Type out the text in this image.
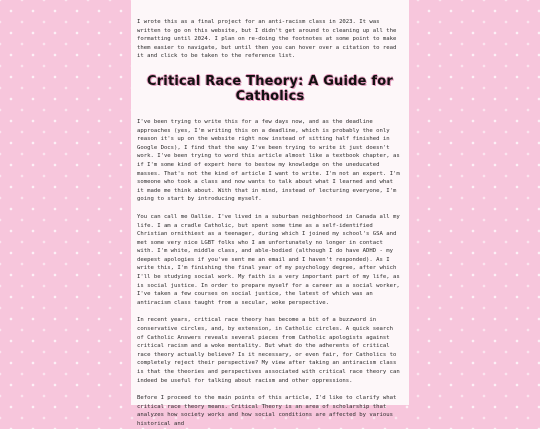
I wrote this as a final project for an anti-racism class in 2023. It was written to go on this website, but I didn't get around to cleaning up all the formatting until 2024. I plan on re-doing the footnotes at some point to make them easier to navigate, but until then you can hover over a citation to read it and click to be taken to the reference list.

Critical Race Theory: A Guide for Catholics

I've been trying to write this for a few days now, and as the deadline approaches (yes, I'm writing this on a deadline, which is probably the only reason it's up on the website right now instead of sitting half finished in Google Docs), I find that the way I've been trying to write it just doesn't work. I've been trying to word this article almost like a textbook chapter, as if I'm some kind of expert here to bestow my knowledge on the uneducated masses. That's not the kind of article I want to write. I'm not an expert. I'm someone who took a class and now wants to talk about what I learned and what it made me think about. With that in mind, instead of lecturing everyone, I'm going to start by introducing myself.

You can call me Oallie. I've lived in a suburban neighborhood in Canada all my life. I am a cradle Catholic, but spent some time as a self-identified Christian ornithiest as a teenager, during which I joined my school's GSA and met some very nice LGBT folks who I am unfortunately no longer in contact with. I'm white, middle class, and able-bodied (although I do have ADHD - my deepest apologies if you've sent me an email and I haven't responded). As I write this, I'm finishing the final year of my psychology degree, after which I'll be studying social work. My faith is a very important part of my life, as is social justice. In order to prepare myself for a career as a social worker, I've taken a few courses on social justice, the latest of which was an antiracism class taught from a secular, woke perspective.

In recent years, critical race theory has become a bit of a buzzword in conservative circles, and, by extension, in Catholic circles. A quick search of Catholic Answers reveals several pieces from Catholic apologists against critical racism and a woke mentality. But what do the adherents of critical race theory actually believe? Is it necessary, or even fair, for Catholics to completely reject their perspective? My view after taking an antiracism class is that the theories and perspectives associated with critical race theory can indeed be useful for talking about racism and other oppressions.

Before I proceed to the main points of this article, I'd like to clarify what critical race theory means. Critical Theory is an area of scholarship that analyzes how society works and how social conditions are affected by various historical and
